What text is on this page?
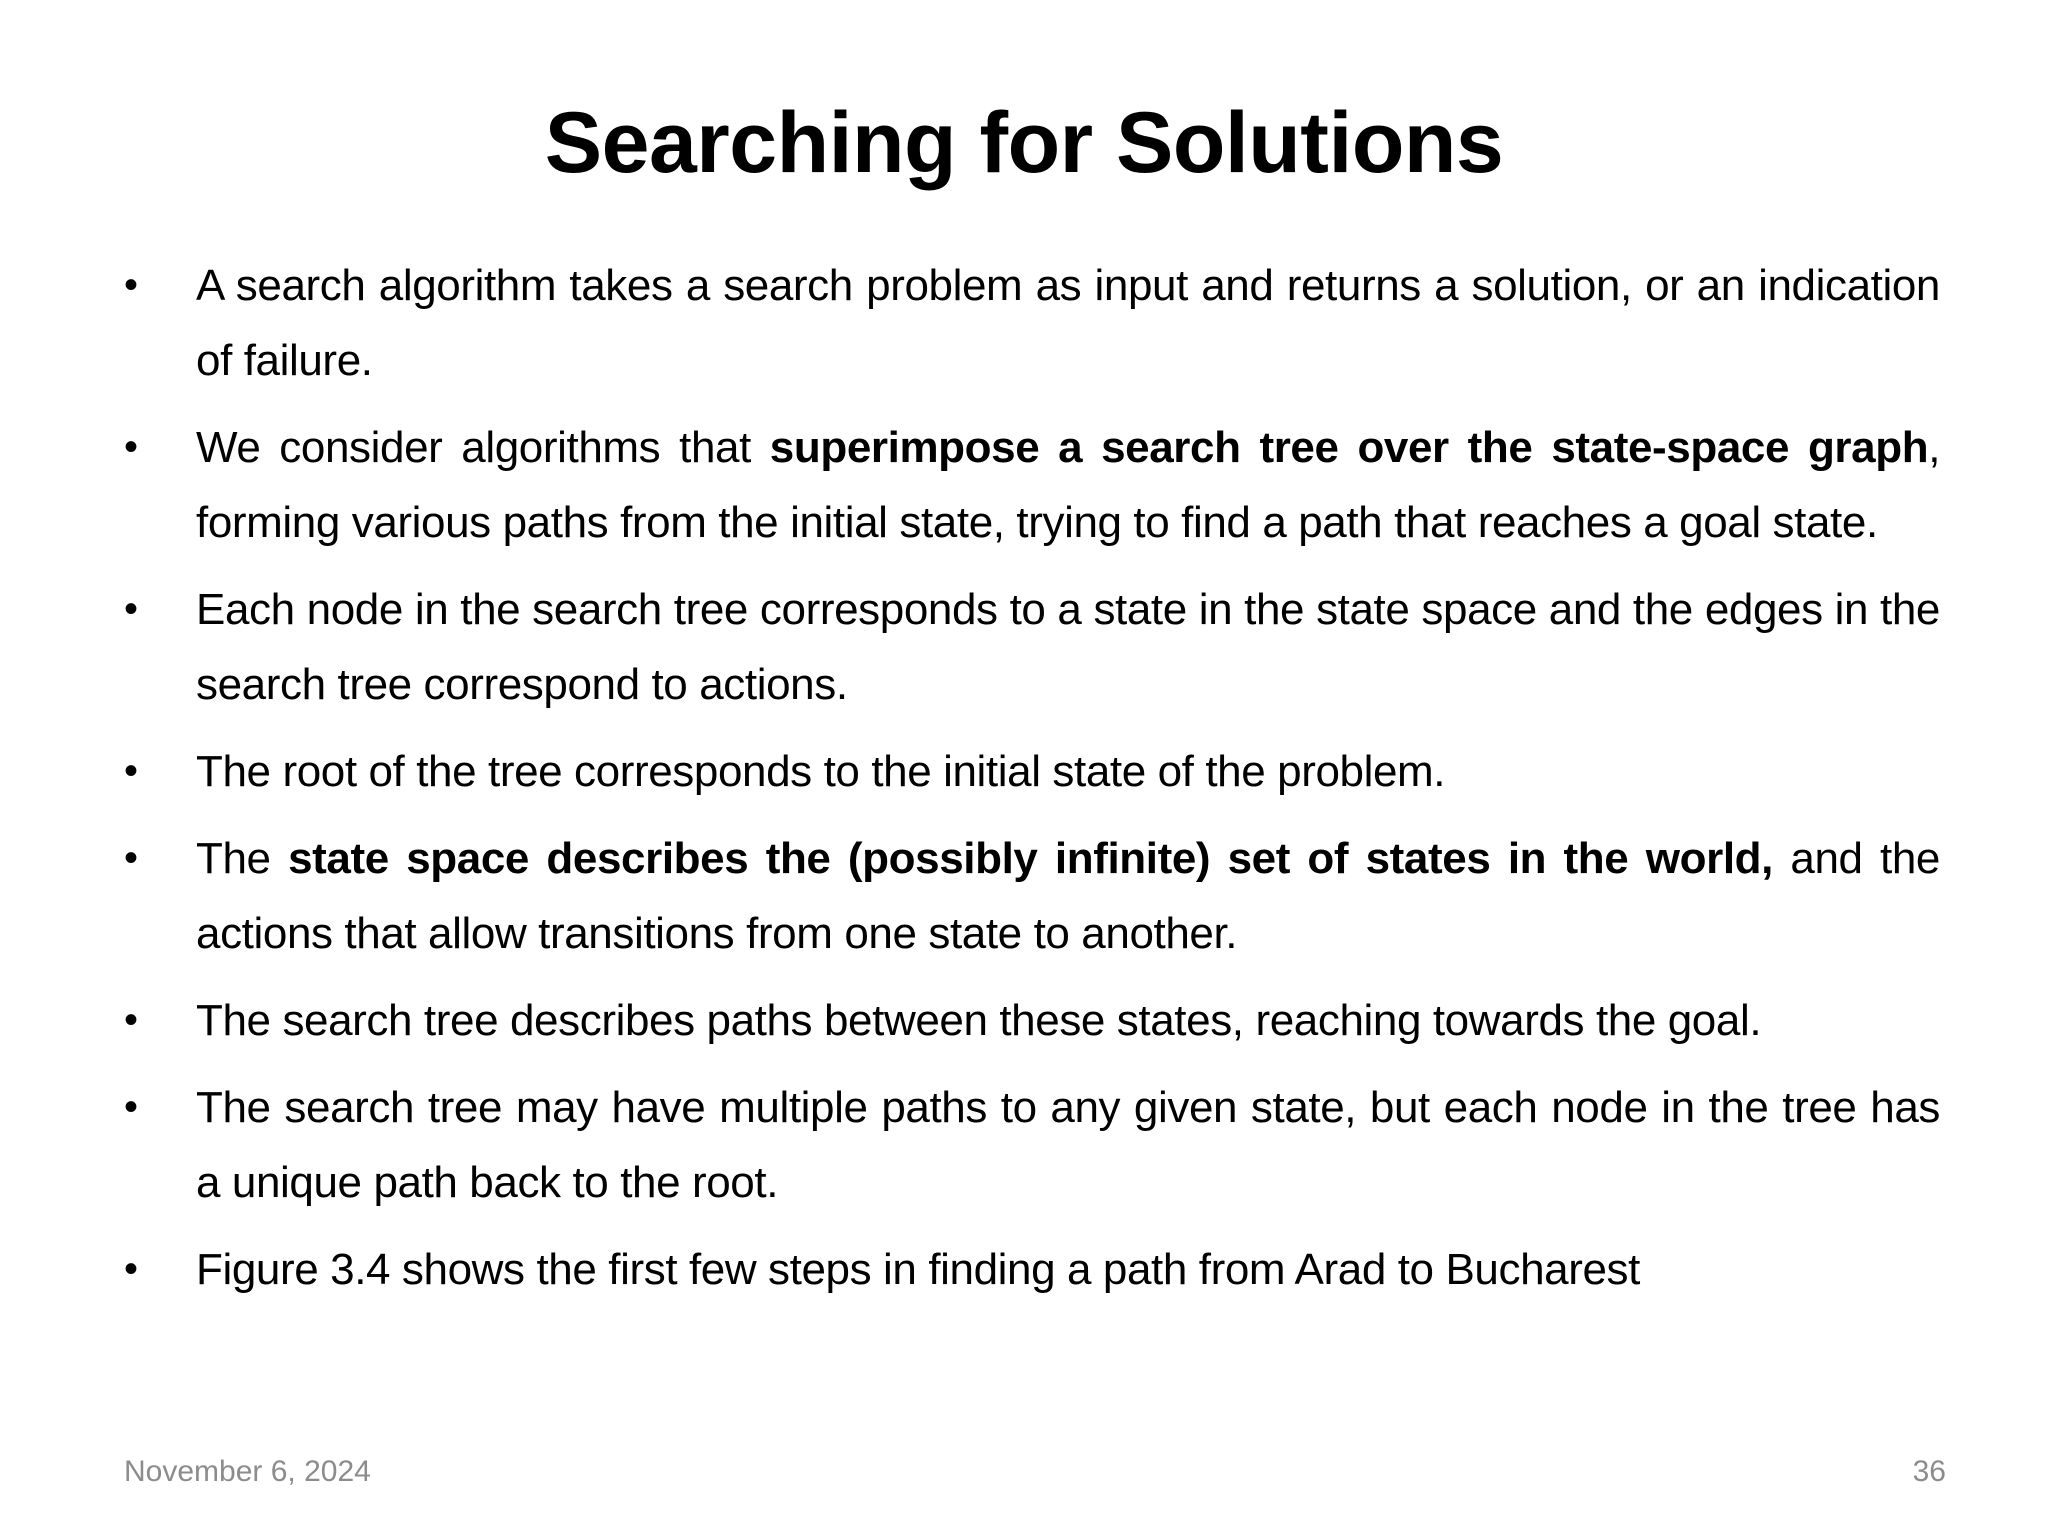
Searching for Solutions
• A search algorithm takes a search problem as input and returns a solution, or an indication of failure.
• We consider algorithms that superimpose a search tree over the state-space graph, forming various paths from the initial state, trying to find a path that reaches a goal state.
• Each node in the search tree corresponds to a state in the state space and the edges in the search tree correspond to actions.
• The root of the tree corresponds to the initial state of the problem.
• The state space describes the (possibly infinite) set of states in the world, and the actions that allow transitions from one state to another.
• The search tree describes paths between these states, reaching towards the goal.
• The search tree may have multiple paths to any given state, but each node in the tree has a unique path back to the root.
• Figure 3.4 shows the first few steps in finding a path from Arad to Bucharest
November 6, 2024	36
